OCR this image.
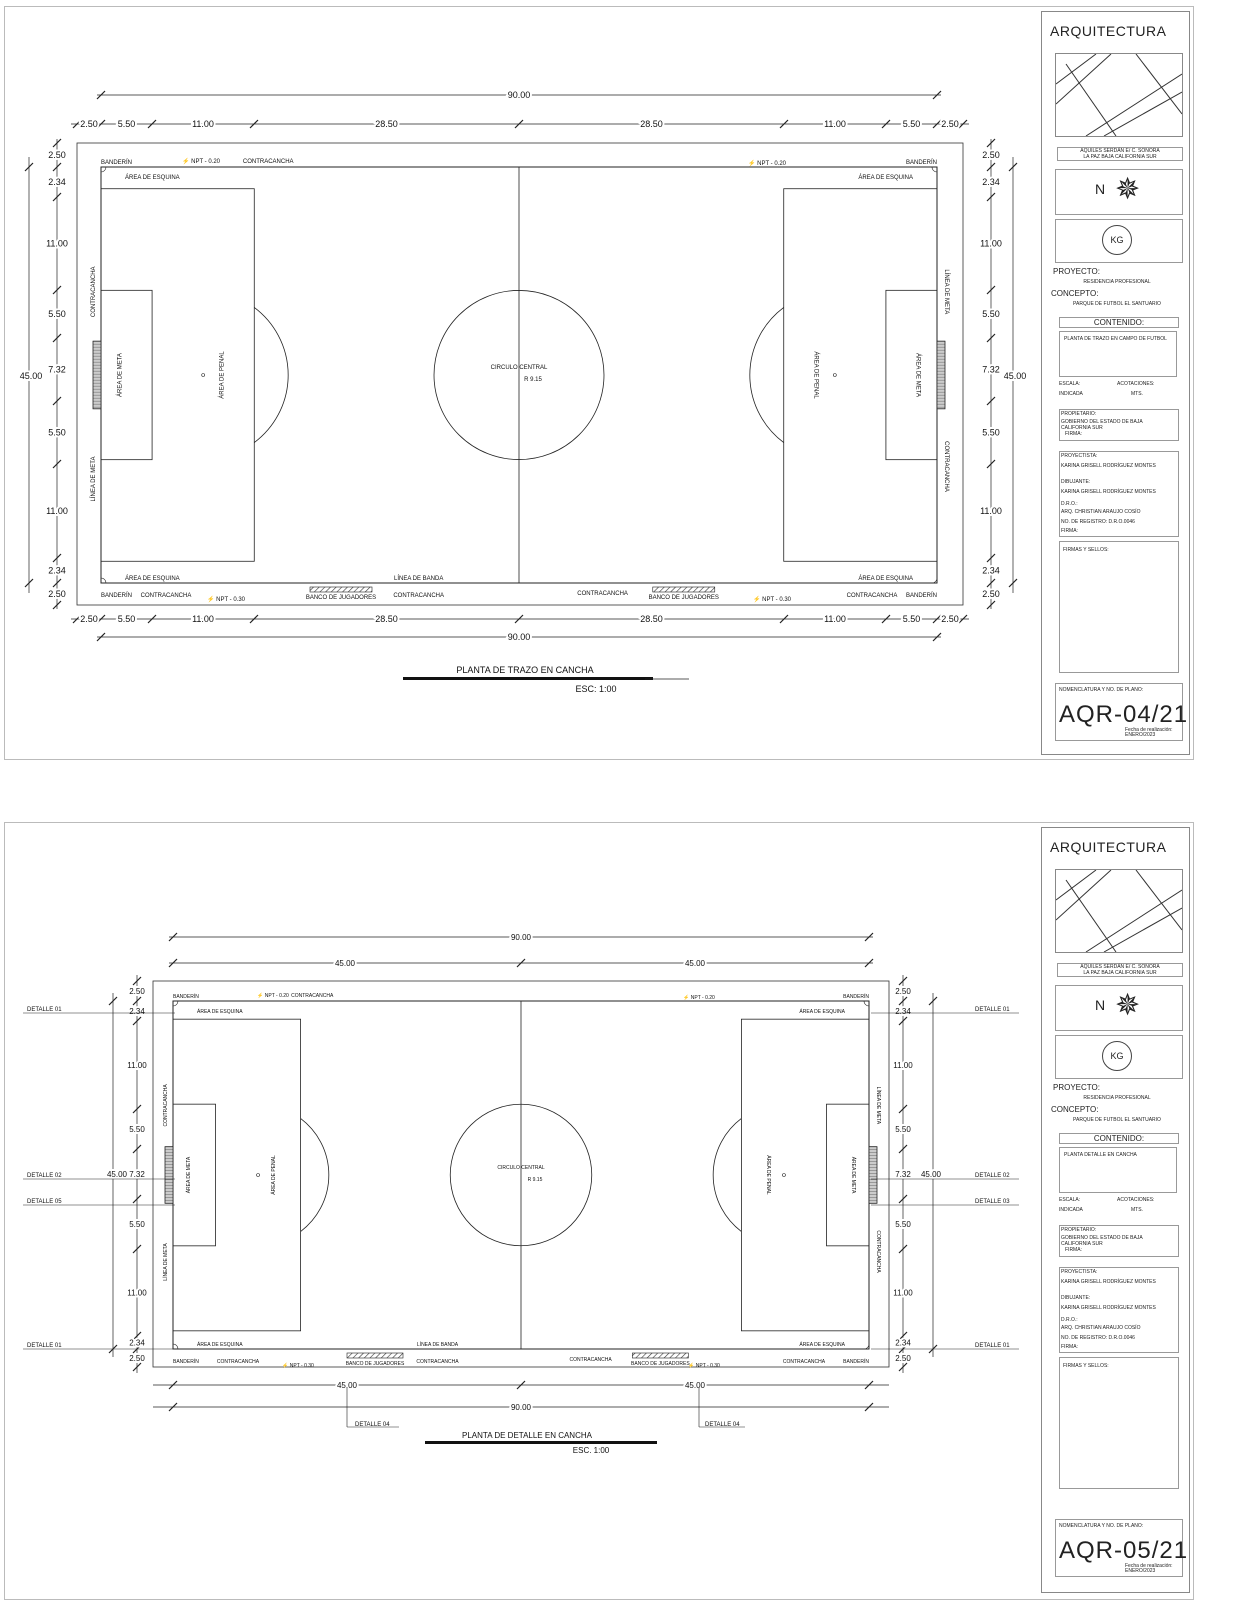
BANCO DE JUGADORES	BANCO DE JUGADORES
BANDERÍN	BANDERÍN
ÁREA DE ESQUINA	ÁREA DE ESQUINA
ÁREA DE ESQUINA	ÁREA DE ESQUINA
BANDERÍN	BANDERÍN
CONTRACANCHA
CONTRACANCHA	CONTRACANCHA	CONTRACANCHA	CONTRACANCHA
LÍNEA DE BANDA
⚡ NPT - 0.20	⚡ NPT - 0.20
⚡ NPT - 0.30	⚡ NPT - 0.30
CONTRACANCHA
CONTRACANCHA
LÍNEA DE META
LÍNEA DE META
ÁREA DE META	ÁREA DE META
ÁREA DE PENAL	ÁREA DE PENAL
CIRCULO CENTRAL
R 9.15
90.00
2.50 5.50	11.00	28.50	28.50	11.00	5.50 2.50
2.50 5.50	11.00	28.50	28.50	11.00	5.50 2.50
90.00
2.50
2.34
11.00
5.50
7.32
5.50
11.00
2.34
2.50
2.50
2.34
11.00
5.50
7.32
5.50
11.00
2.34
2.50
45.00	45.00
PLANTA DE TRAZO EN CANCHA
ESC: 1:00
ARQUITECTURA
AQUILES SERDÁN E/ C. SONORA
LA PAZ BAJA CALIFORNIA SUR
N ✵
KG
PROYECTO:
RESIDENCIA PROFESIONAL
CONCEPTO:
PARQUE DE FUTBOL EL SANTUARIO
CONTENIDO:
PLANTA DE TRAZO EN CAMPO DE FUTBOL
ESCALA:
INDICADA
ACOTACIONES:
MTS.
PROPIETARIO:
GOBIERNO DEL ESTADO DE BAJA CALIFORNIA SUR
FIRMA:
PROYECTISTA:
KARINA GRISELL RODRÍGUEZ MONTES
DIBUJANTE:
KARINA GRISELL RODRÍGUEZ MONTES
D.R.O.:
ARQ. CHRISTIAN ARAUJO COSÍO
NO. DE REGISTRO: D.R.O.0046
FIRMA:
FIRMAS Y SELLOS:
NOMENCLATURA Y NO. DE PLANO:
AQR-04/21
Fecha de realización:
ENERO/2023
BANCO DE JUGADORES	BANCO DE JUGADORES
BANDERÍN	BANDERÍN
ÁREA DE ESQUINA	ÁREA DE ESQUINA
ÁREA DE ESQUINA	ÁREA DE ESQUINA
BANDERÍN	BANDERÍN
CONTRACANCHA
CONTRACANCHA	CONTRACANCHA	CONTRACANCHA	CONTRACANCHA
LÍNEA DE BANDA
⚡ NPT - 0.20	⚡ NPT - 0.20
⚡ NPT - 0.30	⚡ NPT - 0.30
CONTRACANCHA
CONTRACANCHA
LÍNEA DE META
LÍNEA DE META
ÁREA DE META	ÁREA DE META
ÁREA DE PENAL	ÁREA DE PENAL
CIRCULO CENTRAL
R 9.15
90.00
45.00	45.00
45.00	45.00
90.00
2.50
2.34
11.00
5.50
7.32
5.50
11.00
2.34
2.50
2.50
2.34
11.00
5.50
7.32
5.50
11.00
2.34
2.50
45.00	45.00
DETALLE 01
DETALLE 02
DETALLE 05
DETALLE 01
DETALLE 01
DETALLE 02
DETALLE 03
DETALLE 01
DETALLE 04	DETALLE 04
PLANTA DE DETALLE EN CANCHA
ESC. 1:00
ARQUITECTURA
AQUILES SERDÁN E/ C. SONORA
LA PAZ BAJA CALIFORNIA SUR
N ✵
KG
PROYECTO:
RESIDENCIA PROFESIONAL
CONCEPTO:
PARQUE DE FUTBOL EL SANTUARIO
CONTENIDO:
PLANTA DETALLE EN CANCHA
ESCALA:
INDICADA
ACOTACIONES:
MTS.
PROPIETARIO:
GOBIERNO DEL ESTADO DE BAJA CALIFORNIA SUR
FIRMA:
PROYECTISTA:
KARINA GRISELL RODRÍGUEZ MONTES
DIBUJANTE:
KARINA GRISELL RODRÍGUEZ MONTES
D.R.O.:
ARQ. CHRISTIAN ARAUJO COSÍO
NO. DE REGISTRO: D.R.O.0046
FIRMA:
FIRMAS Y SELLOS:
NOMENCLATURA Y NO. DE PLANO:
AQR-05/21
Fecha de realización:
ENERO/2023
